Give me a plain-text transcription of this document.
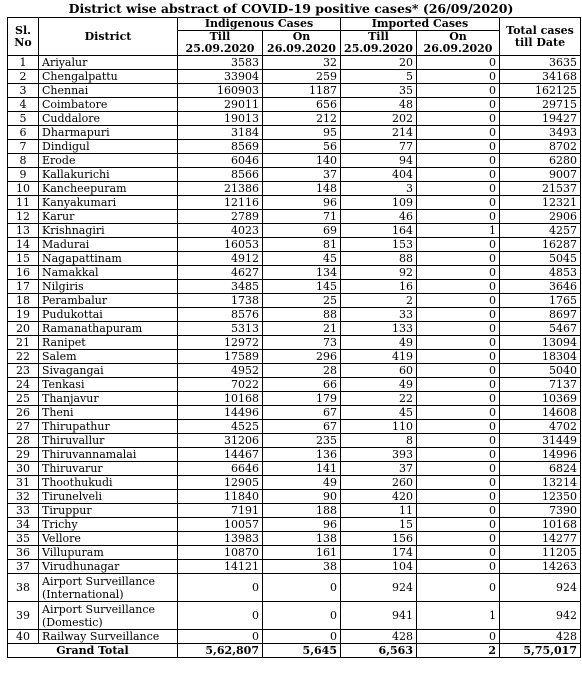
District wise abstract of COVID-19 positive cases* (26/09/2020)
Sl. No	District	Indigenous Cases		Imported Cases		Total cases till Date
		Till 25.09.2020	On 26.09.2020	Till 25.09.2020	On 26.09.2020	
1	Ariyalur	3583	32	20	0	3635
2	Chengalpattu	33904	259	5	0	34168
3	Chennai	160903	1187	35	0	162125
4	Coimbatore	29011	656	48	0	29715
5	Cuddalore	19013	212	202	0	19427
6	Dharmapuri	3184	95	214	0	3493
7	Dindigul	8569	56	77	0	8702
8	Erode	6046	140	94	0	6280
9	Kallakurichi	8566	37	404	0	9007
10	Kancheepuram	21386	148	3	0	21537
11	Kanyakumari	12116	96	109	0	12321
12	Karur	2789	71	46	0	2906
13	Krishnagiri	4023	69	164	1	4257
14	Madurai	16053	81	153	0	16287
15	Nagapattinam	4912	45	88	0	5045
16	Namakkal	4627	134	92	0	4853
17	Nilgiris	3485	145	16	0	3646
18	Perambalur	1738	25	2	0	1765
19	Pudukottai	8576	88	33	0	8697
20	Ramanathapuram	5313	21	133	0	5467
21	Ranipet	12972	73	49	0	13094
22	Salem	17589	296	419	0	18304
23	Sivagangai	4952	28	60	0	5040
24	Tenkasi	7022	66	49	0	7137
25	Thanjavur	10168	179	22	0	10369
26	Theni	14496	67	45	0	14608
27	Thirupathur	4525	67	110	0	4702
28	Thiruvallur	31206	235	8	0	31449
29	Thiruvannamalai	14467	136	393	0	14996
30	Thiruvarur	6646	141	37	0	6824
31	Thoothukudi	12905	49	260	0	13214
32	Tirunelveli	11840	90	420	0	12350
33	Tiruppur	7191	188	11	0	7390
34	Trichy	10057	96	15	0	10168
35	Vellore	13983	138	156	0	14277
36	Villupuram	10870	161	174	0	11205
37	Virudhunagar	14121	38	104	0	14263
38	Airport Surveillance (International)	0	0	924	0	924
39	Airport Surveillance (Domestic)	0	0	941	1	942
40	Railway Surveillance	0	0	428	0	428
Grand Total		5,62,807	5,645	6,563	2	5,75,017
